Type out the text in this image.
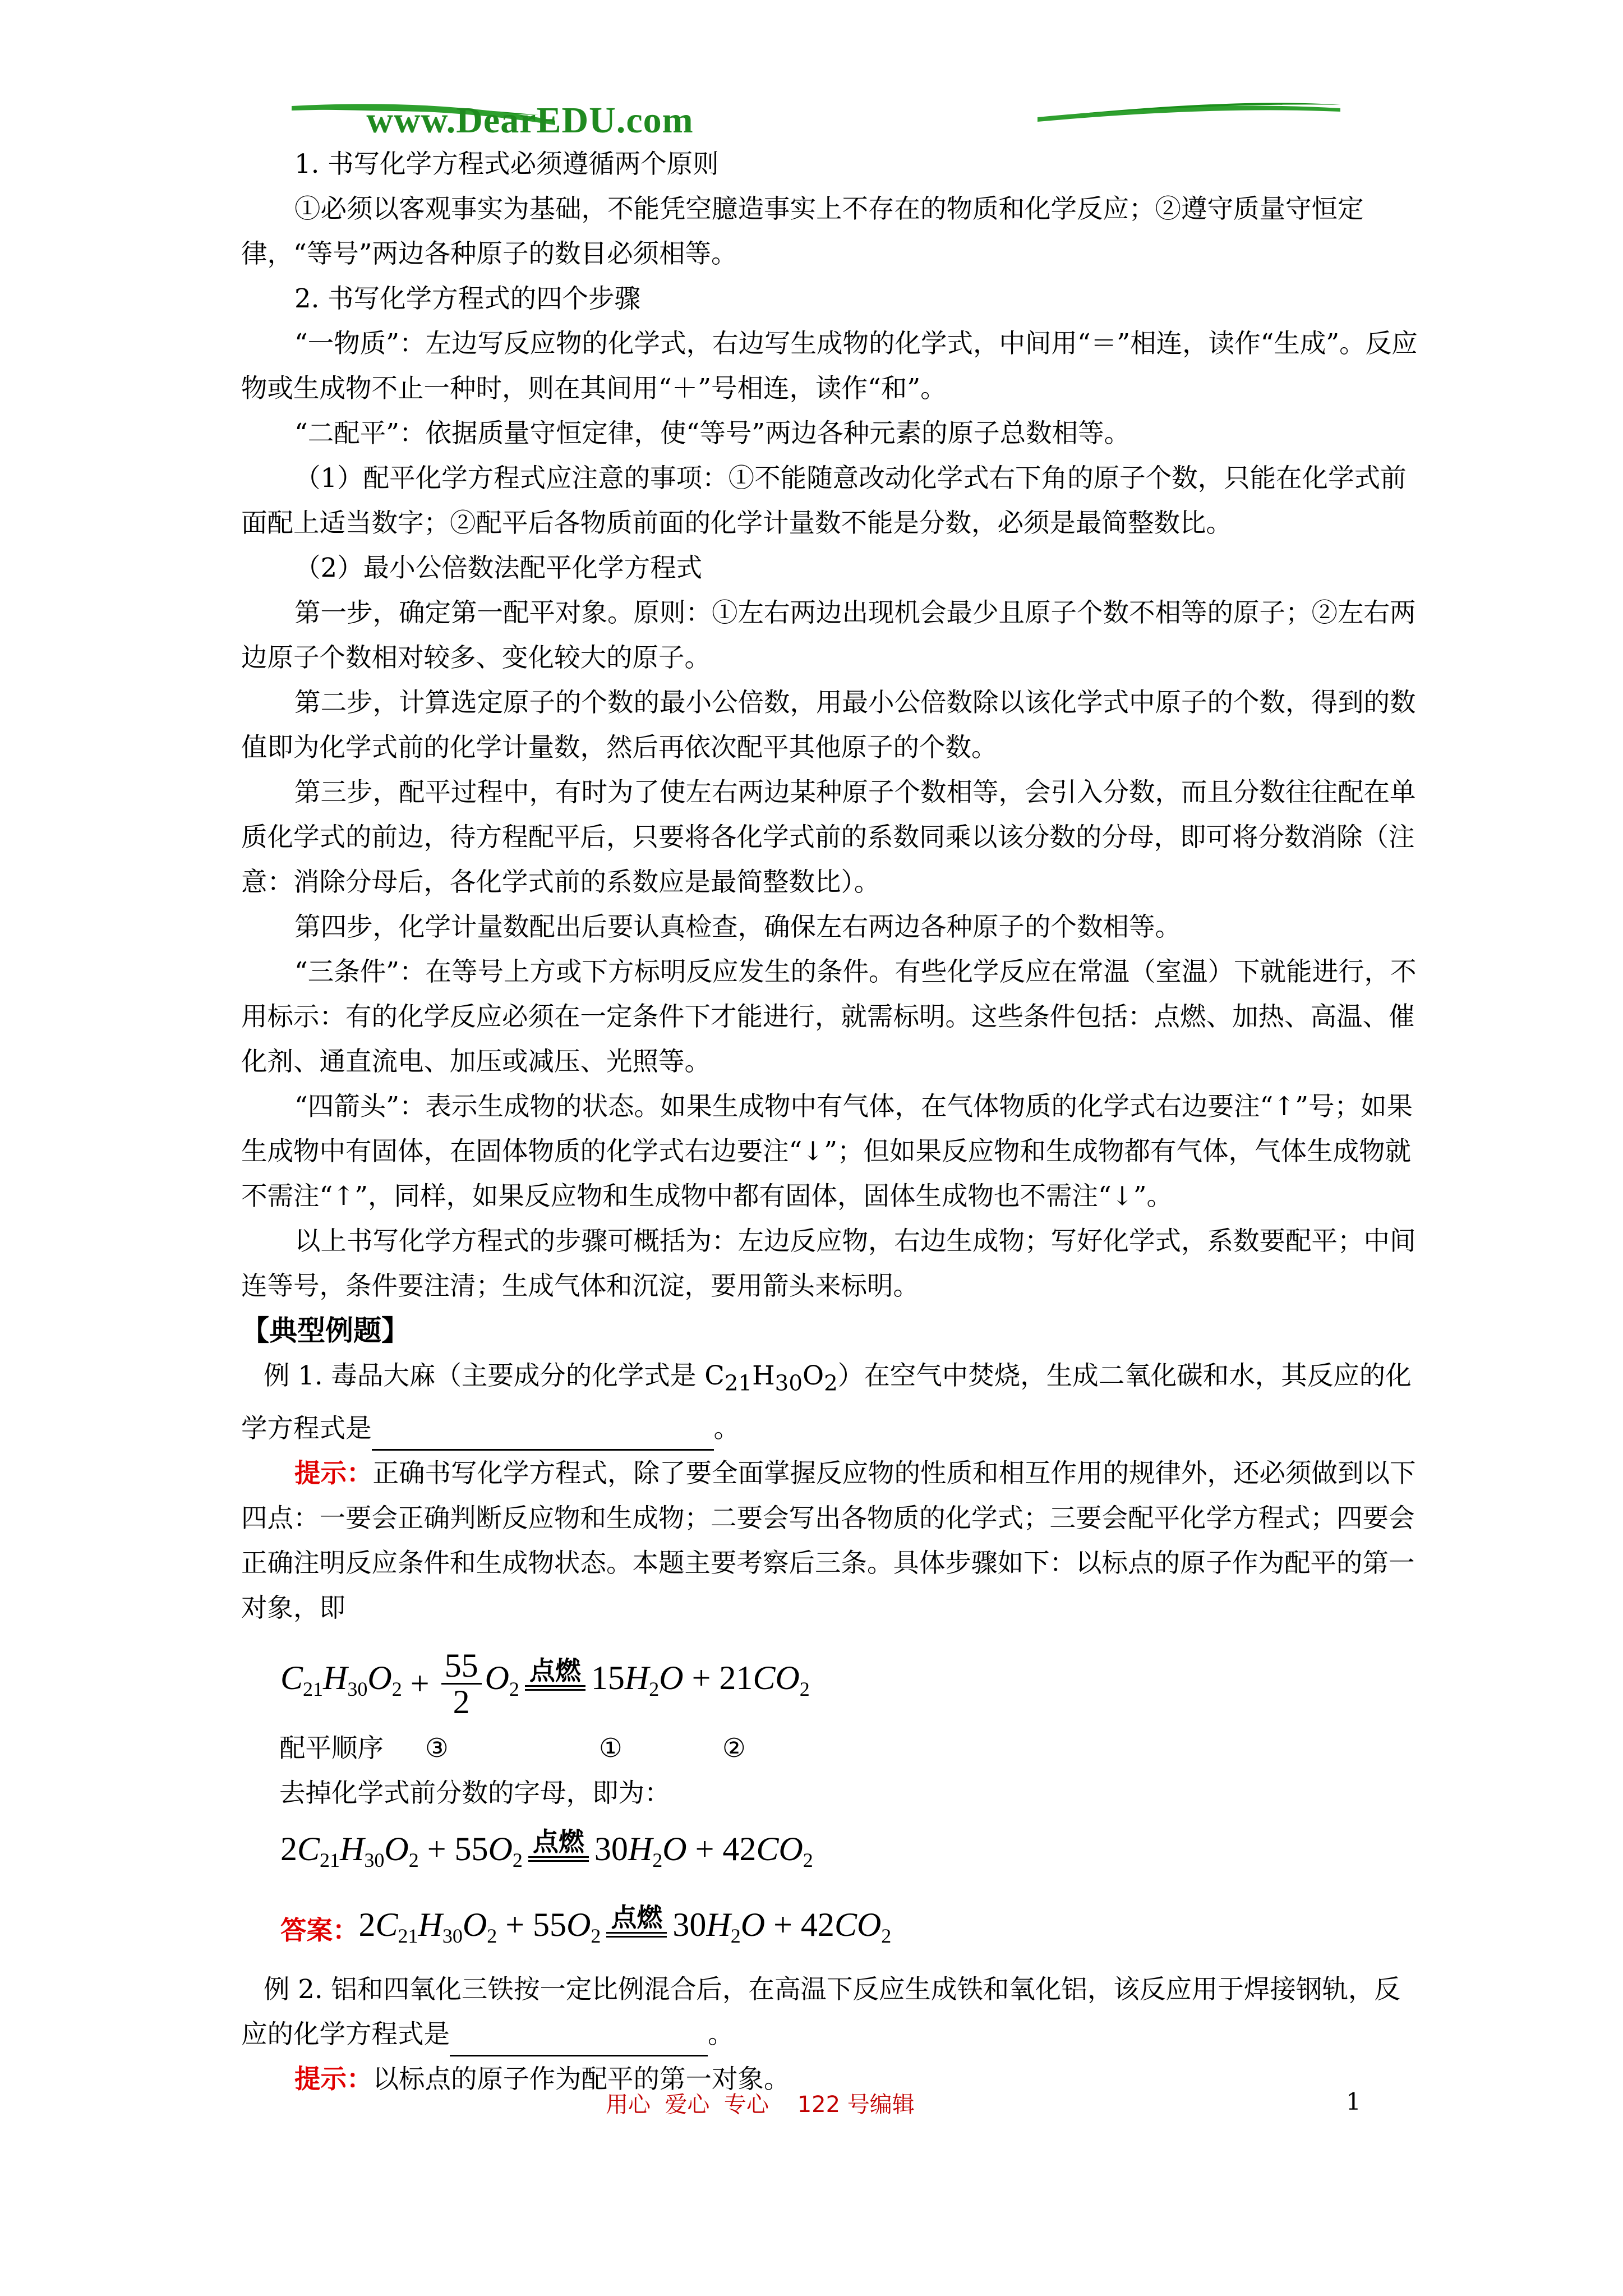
www.DearEDU.com

1. 书写化学方程式必须遵循两个原则

①必须以客观事实为基础，不能凭空臆造事实上不存在的物质和化学反应；②遵守质量守恒定律，“等号”两边各种原子的数目必须相等。

2. 书写化学方程式的四个步骤

“一物质”：左边写反应物的化学式，右边写生成物的化学式，中间用“＝”相连，读作“生成”。反应物或生成物不止一种时，则在其间用“＋”号相连，读作“和”。

“二配平”：依据质量守恒定律，使“等号”两边各种元素的原子总数相等。

（1）配平化学方程式应注意的事项：①不能随意改动化学式右下角的原子个数，只能在化学式前面配上适当数字；②配平后各物质前面的化学计量数不能是分数，必须是最简整数比。

（2）最小公倍数法配平化学方程式

第一步，确定第一配平对象。原则：①左右两边出现机会最少且原子个数不相等的原子；②左右两边原子个数相对较多、变化较大的原子。

第二步，计算选定原子的个数的最小公倍数，用最小公倍数除以该化学式中原子的个数，得到的数值即为化学式前的化学计量数，然后再依次配平其他原子的个数。

第三步，配平过程中，有时为了使左右两边某种原子个数相等，会引入分数，而且分数往往配在单质化学式的前边，待方程配平后，只要将各化学式前的系数同乘以该分数的分母，即可将分数消除（注意：消除分母后，各化学式前的系数应是最简整数比）。

第四步，化学计量数配出后要认真检查，确保左右两边各种原子的个数相等。

“三条件”：在等号上方或下方标明反应发生的条件。有些化学反应在常温（室温）下就能进行，不用标示：有的化学反应必须在一定条件下才能进行，就需标明。这些条件包括：点燃、加热、高温、催化剂、通直流电、加压或减压、光照等。

“四箭头”：表示生成物的状态。如果生成物中有气体，在气体物质的化学式右边要注“↑”号；如果生成物中有固体，在固体物质的化学式右边要注“↓”；但如果反应物和生成物都有气体，气体生成物就不需注“↑”，同样，如果反应物和生成物中都有固体，固体生成物也不需注“↓”。

以上书写化学方程式的步骤可概括为：左边反应物，右边生成物；写好化学式，系数要配平；中间连等号，条件要注清；生成气体和沉淀，要用箭头来标明。

【典型例题】

例 1. 毒品大麻（主要成分的化学式是 $C_{21}H_{30}O_2$）在空气中焚烧，生成二氧化碳和水，其反应的化学方程式是	。

提示：正确书写化学方程式，除了要全面掌握反应物的性质和相互作用的规律外，还必须做到以下四点：一要会正确判断反应物和生成物；二要会写出各物质的化学式；三要会配平化学方程式；四要会正确注明反应条件和生成物状态。本题主要考察后三条。具体步骤如下：以标点的原子作为配平的第一对象，即

$C_{21}H_{30}O_2 + \frac{55}{2} O_2$
点燃 $15H_2O + 21CO_2$

配平顺序 ③	①	②

去掉化学式前分数的字母，即为：

$2C_{21}H_{30}O_2 + 55O_2$
点燃 $30H_2O + 42CO_2$
答案： $2C_{21}H_{30}O_2 + 55O_2$
点燃 $30H_2O + 42CO_2$

例 2. 铝和四氧化三铁按一定比例混合后，在高温下反应生成铁和氧化铝，该反应用于焊接钢轨，反应的化学方程式是	。

提示：以标点的原子作为配平的第一对象。

用心  爱心  专心    122 号编辑	1
